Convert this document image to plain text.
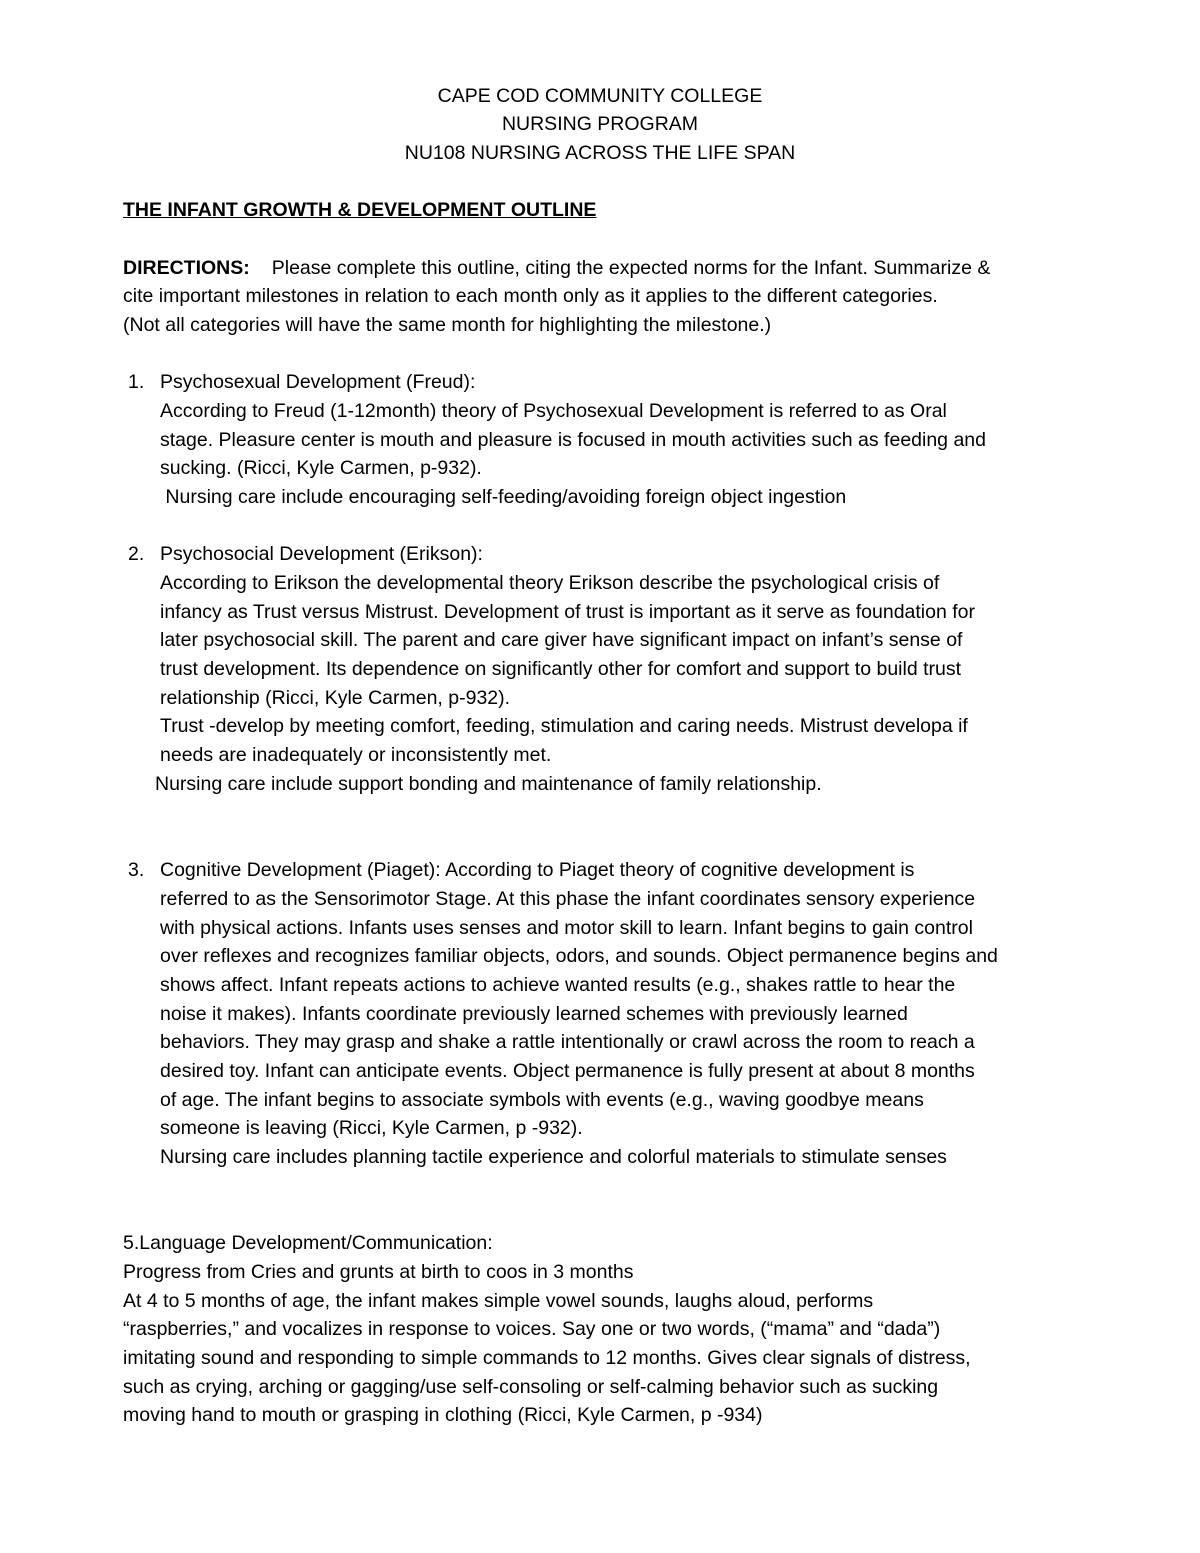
CAPE COD COMMUNITY COLLEGE
NURSING PROGRAM
NU108 NURSING ACROSS THE LIFE SPAN
THE INFANT GROWTH & DEVELOPMENT OUTLINE
DIRECTIONS: Please complete this outline, citing the expected norms for the Infant. Summarize &
cite important milestones in relation to each month only as it applies to the different categories.
(Not all categories will have the same month for highlighting the milestone.)
1. Psychosexual Development (Freud):
According to Freud (1-12month) theory of Psychosexual Development is referred to as Oral
stage. Pleasure center is mouth and pleasure is focused in mouth activities such as feeding and
sucking. (Ricci, Kyle Carmen, p-932).
Nursing care include encouraging self-feeding/avoiding foreign object ingestion
2. Psychosocial Development (Erikson):
According to Erikson the developmental theory Erikson describe the psychological crisis of
infancy as Trust versus Mistrust. Development of trust is important as it serve as foundation for
later psychosocial skill. The parent and care giver have significant impact on infant’s sense of
trust development. Its dependence on significantly other for comfort and support to build trust
relationship (Ricci, Kyle Carmen, p-932).
Trust -develop by meeting comfort, feeding, stimulation and caring needs. Mistrust developa if
needs are inadequately or inconsistently met.
Nursing care include support bonding and maintenance of family relationship.
3. Cognitive Development (Piaget): According to Piaget theory of cognitive development is
referred to as the Sensorimotor Stage. At this phase the infant coordinates sensory experience
with physical actions. Infants uses senses and motor skill to learn. Infant begins to gain control
over reflexes and recognizes familiar objects, odors, and sounds. Object permanence begins and
shows affect. Infant repeats actions to achieve wanted results (e.g., shakes rattle to hear the
noise it makes). Infants coordinate previously learned schemes with previously learned
behaviors. They may grasp and shake a rattle intentionally or crawl across the room to reach a
desired toy. Infant can anticipate events. Object permanence is fully present at about 8 months
of age. The infant begins to associate symbols with events (e.g., waving goodbye means
someone is leaving (Ricci, Kyle Carmen, p -932).
Nursing care includes planning tactile experience and colorful materials to stimulate senses
5.Language Development/Communication:
Progress from Cries and grunts at birth to coos in 3 months
At 4 to 5 months of age, the infant makes simple vowel sounds, laughs aloud, performs
“raspberries,” and vocalizes in response to voices. Say one or two words, (“mama” and “dada”)
imitating sound and responding to simple commands to 12 months. Gives clear signals of distress,
such as crying, arching or gagging/use self-consoling or self-calming behavior such as sucking
moving hand to mouth or grasping in clothing (Ricci, Kyle Carmen, p -934)
